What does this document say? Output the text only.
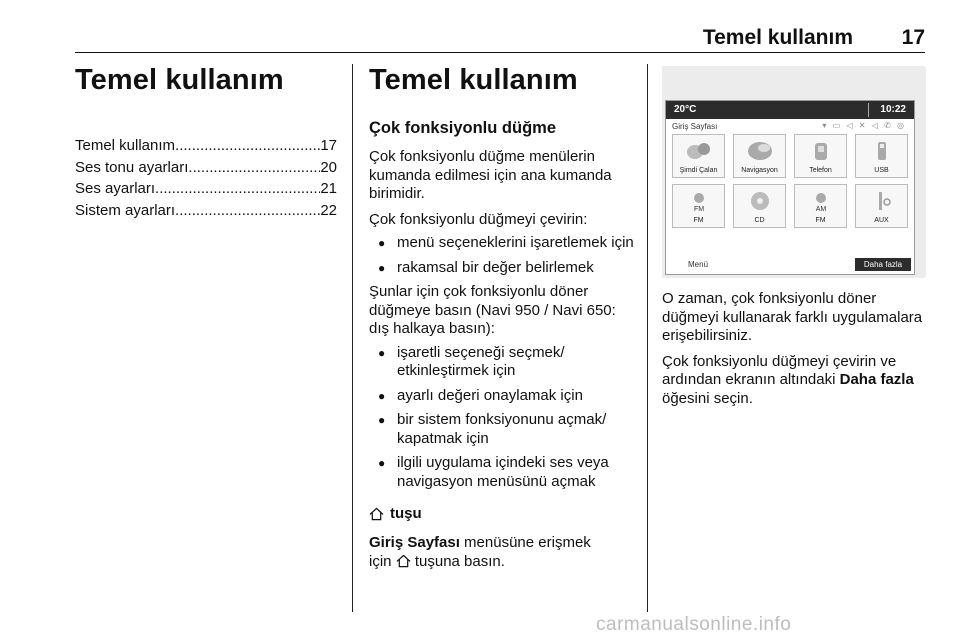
Temel kullanım 17
Temel kullanım
Temel kullanım .....	17
Ses tonu ayarları .....	20
Ses ayarları .....	21
Sistem ayarları .....	22
Temel kullanım
Çok fonksiyonlu düğme

Çok fonksiyonlu düğme menülerin kumanda edilmesi için ana kumanda birimidir.

Çok fonksiyonlu düğmeyi çevirin:

● menü seçeneklerini işaretlemek için
● rakamsal bir değer belirlemek

Şunlar için çok fonksiyonlu döner düğmeye basın (Navi 950 / Navi 650: dış halkaya basın):

● işaretli seçeneği seçmek/ etkinleştirmek için
● ayarlı değeri onaylamak için
● bir sistem fonksiyonunu açmak/ kapatmak için
● ilgili uygulama içindeki ses veya navigasyon menüsünü açmak
tuşu

Giriş Sayfası menüsüne erişmek
için  tuşuna basın.

20°C	10:22
Giriş Sayfası	▾ ▭ ◁ ✕ ◁ ✆ ◎
Şimdi Çalan	Navigasyon	Telefon	USB
FM
FM	CD
AM
FM	AUX
Menü	Daha fazla

O zaman, çok fonksiyonlu döner düğmeyi kullanarak farklı uygulamalara erişebilirsiniz.

Çok fonksiyonlu düğmeyi çevirin ve ardından ekranın altındaki Daha fazla öğesini seçin.

carmanualsonline.info
